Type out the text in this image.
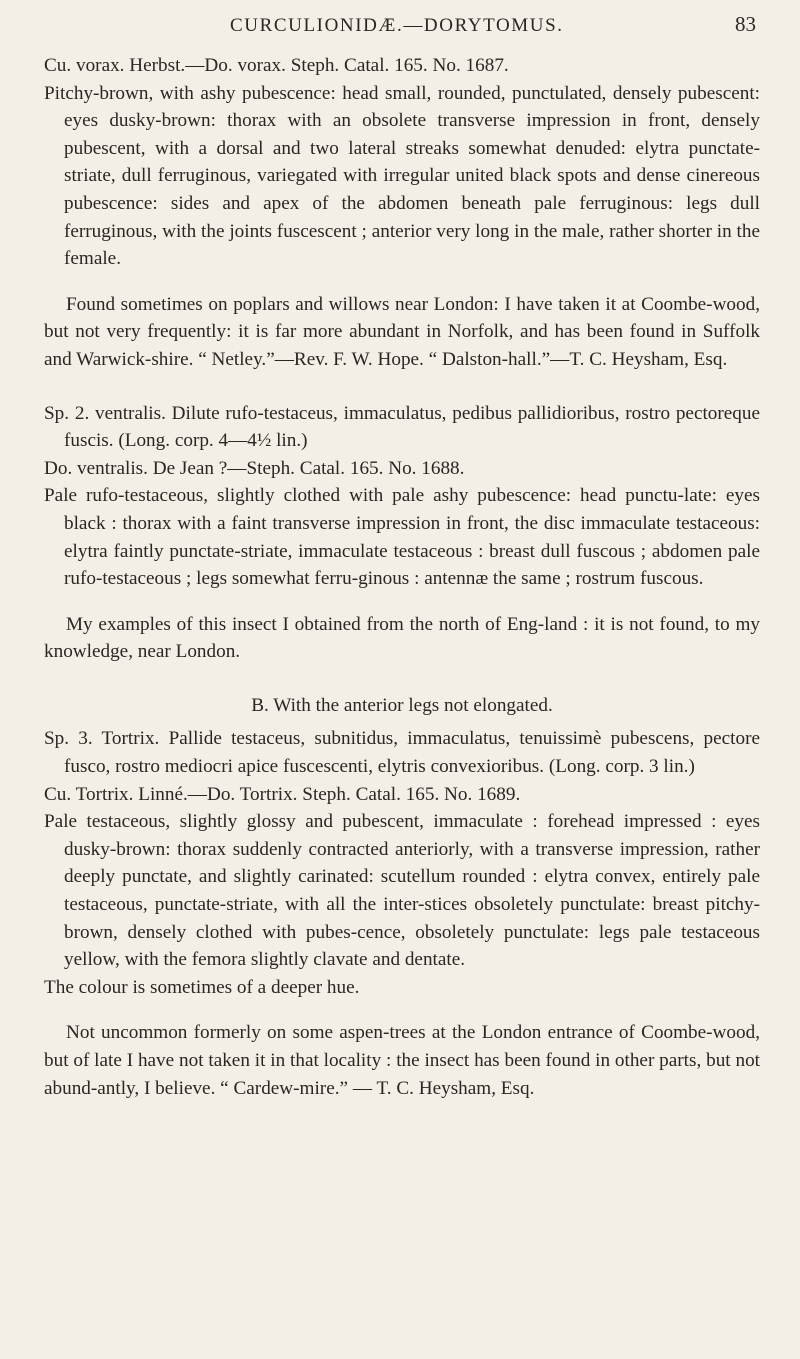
CURCULIONIDÆ.—DORYTOMUS.	83

Cu. vorax. Herbst.—Do. vorax. Steph. Catal. 165. No. 1687.

Pitchy-brown, with ashy pubescence: head small, rounded, punctulated, densely pubescent: eyes dusky-brown: thorax with an obsolete transverse impression in front, densely pubescent, with a dorsal and two lateral streaks somewhat denuded: elytra punctate-striate, dull ferruginous, variegated with irregular united black spots and dense cinereous pubescence: sides and apex of the abdomen beneath pale ferruginous: legs dull ferruginous, with the joints fuscescent ; anterior very long in the male, rather shorter in the female.

Found sometimes on poplars and willows near London: I have taken it at Coombe-wood, but not very frequently: it is far more abundant in Norfolk, and has been found in Suffolk and Warwick-shire. “ Netley.”—Rev. F. W. Hope. “ Dalston-hall.”—T. C. Heysham, Esq.

Sp. 2. ventralis. Dilute rufo-testaceus, immaculatus, pedibus pallidioribus, rostro pectoreque fuscis. (Long. corp. 4—4½ lin.)

Do. ventralis. De Jean ?—Steph. Catal. 165. No. 1688.

Pale rufo-testaceous, slightly clothed with pale ashy pubescence: head punctu-late: eyes black : thorax with a faint transverse impression in front, the disc immaculate testaceous: elytra faintly punctate-striate, immaculate testaceous : breast dull fuscous ; abdomen pale rufo-testaceous ; legs somewhat ferru-ginous : antennæ the same ; rostrum fuscous.

My examples of this insect I obtained from the north of Eng-land : it is not found, to my knowledge, near London.

B. With the anterior legs not elongated.

Sp. 3. Tortrix. Pallide testaceus, subnitidus, immaculatus, tenuissimè pubescens, pectore fusco, rostro mediocri apice fuscescenti, elytris convexioribus. (Long. corp. 3 lin.)

Cu. Tortrix. Linné.—Do. Tortrix. Steph. Catal. 165. No. 1689.

Pale testaceous, slightly glossy and pubescent, immaculate : forehead impressed : eyes dusky-brown: thorax suddenly contracted anteriorly, with a transverse impression, rather deeply punctate, and slightly carinated: scutellum rounded : elytra convex, entirely pale testaceous, punctate-striate, with all the inter-stices obsoletely punctulate: breast pitchy-brown, densely clothed with pubes-cence, obsoletely punctulate: legs pale testaceous yellow, with the femora slightly clavate and dentate.

The colour is sometimes of a deeper hue.

Not uncommon formerly on some aspen-trees at the London entrance of Coombe-wood, but of late I have not taken it in that locality : the insect has been found in other parts, but not abund-antly, I believe. “ Cardew-mire.” — T. C. Heysham, Esq.
